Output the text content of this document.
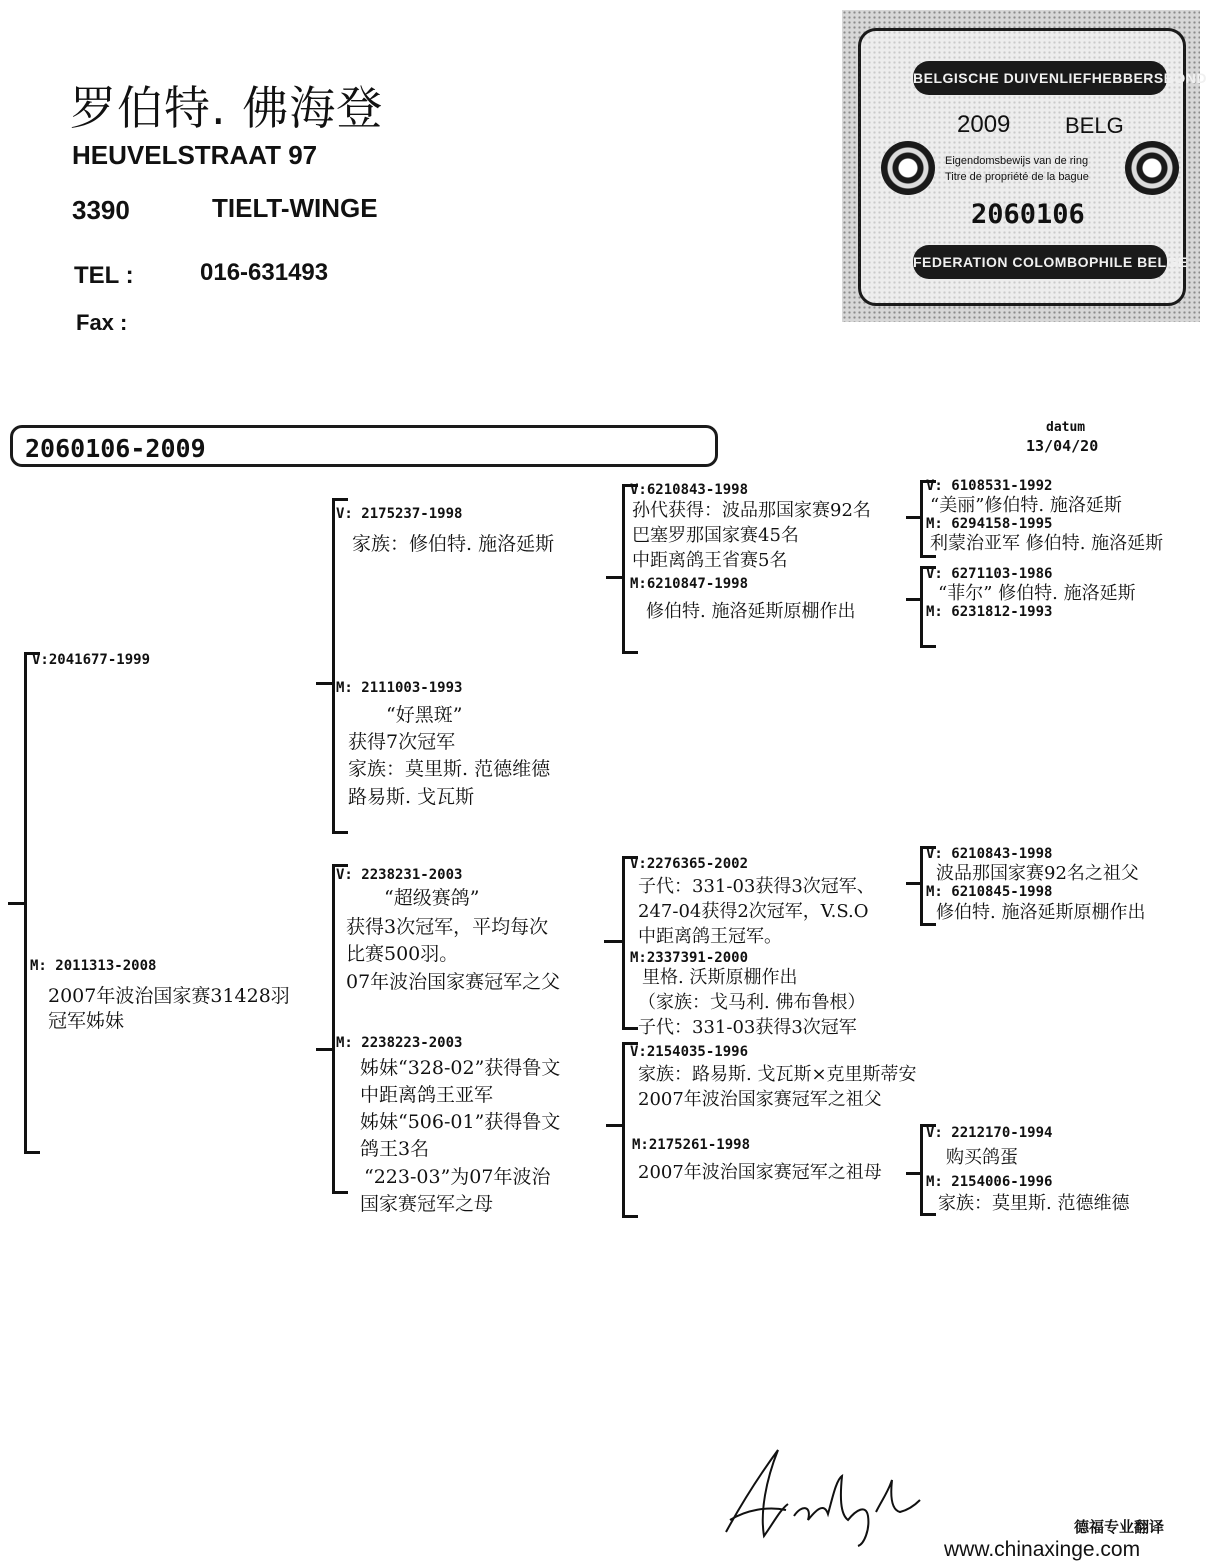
罗伯特. 佛海登
HEUVELSTRAAT 97
3390	TIELT-WINGE
TEL :	016-631493
Fax :
BELGISCHE DUIVENLIEFHEBBERSBOND
2009 BELG
Eigendomsbewijs van de ring
Titre de propriété de la bague
2060106
FEDERATION COLOMBOPHILE BELGE
2060106-2009
datum
13/04/20
V:2041677-1999
M: 2011313-2008
2007年波治国家赛31428羽
冠军姊妹
V: 2175237-1998
家族：修伯特. 施洛延斯
M: 2111003-1993
“好黑斑”
获得7次冠军
家族：莫里斯. 范德维德
路易斯. 戈瓦斯
V: 2238231-2003
“超级赛鸽”
获得3次冠军，平均每次
比赛500羽。
07年波治国家赛冠军之父
M: 2238223-2003
姊妹“328-02”获得鲁文
中距离鸽王亚军
姊妹“506-01”获得鲁文
鸽王3名
“223-03”为07年波治
国家赛冠军之母
V:6210843-1998
孙代获得：波品那国家赛92名
巴塞罗那国家赛45名
中距离鸽王省赛5名
M:6210847-1998
修伯特. 施洛延斯原棚作出
V:2276365-2002
子代：331-03获得3次冠军、
247-04获得2次冠军，V.S.O
中距离鸽王冠军。
M:2337391-2000
里格. 沃斯原棚作出
（家族：戈马利. 佛布鲁根）
子代：331-03获得3次冠军
V:2154035-1996
家族：路易斯. 戈瓦斯×克里斯蒂安
2007年波治国家赛冠军之祖父
M:2175261-1998
2007年波治国家赛冠军之祖母
V: 6108531-1992
“美丽”修伯特. 施洛延斯
M: 6294158-1995
利蒙治亚军 修伯特. 施洛延斯
V: 6271103-1986
“菲尔” 修伯特. 施洛延斯
M: 6231812-1993
V: 6210843-1998
波品那国家赛92名之祖父
M: 6210845-1998
修伯特. 施洛延斯原棚作出
V: 2212170-1994
购买鸽蛋
M: 2154006-1996
家族：莫里斯. 范德维德
德福专业翻译
www.chinaxinge.com
